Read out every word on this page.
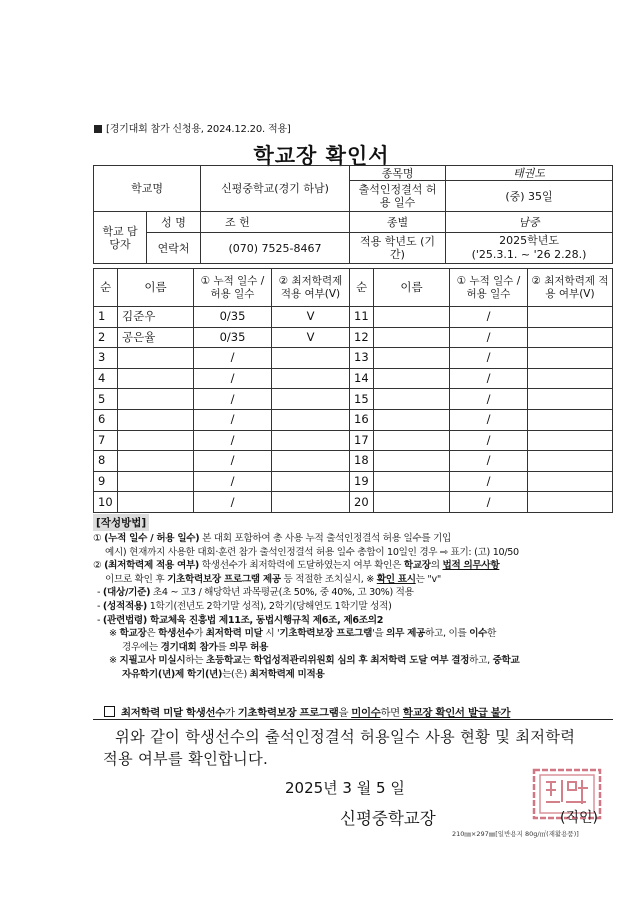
[경기대회 참가 신청용, 2024.12.20. 적용]
학교장 확인서
학교명		신평중학교(경기 하남)	종목명	태권도
			출석인정결석 허용 일수	(중) 35일
학교 담당자	성 명	조 헌	종별	남중
	연락처	(070) 7525-8467	적용 학년도 (기간)	2025학년도
('25.3.1. ~ '26 2.28.)
순	이름	① 누적 일수 / 허용 일수	② 최저학력제 적용 여부(V)	순	이름	① 누적 일수 / 허용 일수	② 최저학력제 적용 여부(V)
1	김준우	0/35	V	11		/	
2	공은율	0/35	V	12		/	
3		/		13		/	
4		/		14		/	
5		/		15		/	
6		/		16		/	
7		/		17		/	
8		/		18		/	
9		/		19		/	
10		/		20		/	
[작성방법]
① (누적 일수 / 허용 일수) 본 대회 포함하여 총 사용 누적 출석인정결석 허용 일수를 기입
예시) 현재까지 사용한 대회·훈련 참가 출석인정결석 허용 일수 총합이 10일인 경우 ⇨ 표기: (고) 10/50
② (최저학력제 적용 여부) 학생선수가 최저학력에 도달하였는지 여부 확인은 학교장의 법적 의무사항
이므로 확인 후 기초학력보장 프로그램 제공 등 적절한 조치실시, ※ 확인 표시는 "v"
- (대상/기준) 초4 ~ 고3 / 해당학년 과목평균(초 50%, 중 40%, 고 30%) 적용
- (성적적용) 1학기(전년도 2학기말 성적), 2학기(당해연도 1학기말 성적)
- (관련법령) 학교체육 진흥법 제11조, 동법시행규칙 제6조, 제6조의2
※ 학교장은 학생선수가 최저학력 미달 시 '기초학력보장 프로그램'을 의무 제공하고, 이를 이수한
경우에는 경기대회 참가를 의무 허용
※ 지필고사 미실시하는 초등학교는 학업성적관리위원회 심의 후 최저학력 도달 여부 결정하고, 중학교
자유학기(년)제 학기(년)는(은) 최저학력제 미적용
최저학력 미달 학생선수가 기초학력보장 프로그램을 미이수하면 학교장 확인서 발급 불가
위와 같이 학생선수의 출석인정결석 허용일수 사용 현황 및 최저학력
적용 여부를 확인합니다.
2025년 3 월 5 일
신평중학교장	(직인)
210㎜×297㎜[일반용지 80g/㎡(재활용품)]
